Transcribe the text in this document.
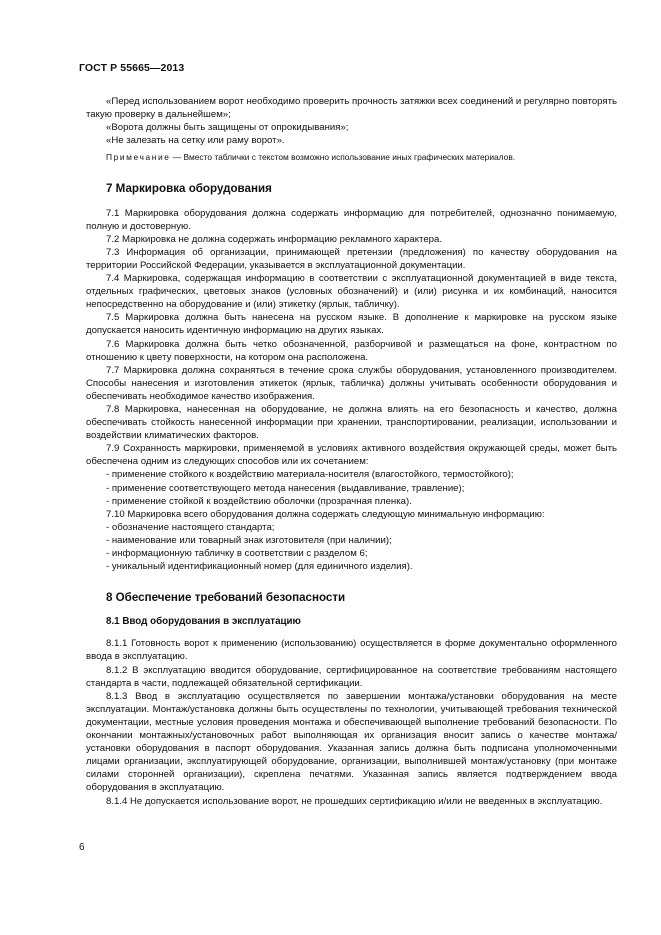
ГОСТ Р 55665—2013

«Перед использованием ворот необходимо проверить прочность затяжки всех соединений и регулярно повторять такую проверку в дальнейшем»;

«Ворота должны быть защищены от опрокидывания»;

«Не залезать на сетку или раму ворот».

Примечание — Вместо таблички с текстом возможно использование иных графических материалов.

7 Маркировка оборудования

7.1 Маркировка оборудования должна содержать информацию для потребителей, однозначно понимаемую, полную и достоверную.

7.2 Маркировка не должна содержать информацию рекламного характера.

7.3 Информация об организации, принимающей претензии (предложения) по качеству оборудования на территории Российской Федерации, указывается в эксплуатационной документации.

7.4 Маркировка, содержащая информацию в соответствии с эксплуатационной документацией в виде текста, отдельных графических, цветовых знаков (условных обозначений) и (или) рисунка и их комбинаций, наносится непосредственно на оборудование и (или) этикетку (ярлык, табличку).

7.5 Маркировка должна быть нанесена на русском языке. В дополнение к маркировке на русском языке допускается наносить идентичную информацию на других языках.

7.6 Маркировка должна быть четко обозначенной, разборчивой и размещаться на фоне, контрастном по отношению к цвету поверхности, на котором она расположена.

7.7 Маркировка должна сохраняться в течение срока службы оборудования, установленного производителем. Способы нанесения и изготовления этикеток (ярлык, табличка) должны учитывать особенности оборудования и обеспечивать необходимое качество изображения.

7.8 Маркировка, нанесенная на оборудование, не должна влиять на его безопасность и качество, должна обеспечивать стойкость нанесенной информации при хранении, транспортировании, реализации, использовании и воздействии климатических факторов.

7.9 Сохранность маркировки, применяемой в условиях активного воздействия окружающей среды, может быть обеспечена одним из следующих способов или их сочетанием:

- применение стойкого к воздействию материала-носителя (влагостойкого, термостойкого);

- применение соответствующего метода нанесения (выдавливание, травление);

- применение стойкой к воздействию оболочки (прозрачная пленка).

7.10 Маркировка всего оборудования должна содержать следующую минимальную информацию:

- обозначение настоящего стандарта;

- наименование или товарный знак изготовителя (при наличии);

- информационную табличку в соответствии с разделом 6;

- уникальный идентификационный номер (для единичного изделия).

8 Обеспечение требований безопасности
8.1 Ввод оборудования в эксплуатацию

8.1.1 Готовность ворот к применению (использованию) осуществляется в форме документально оформленного ввода в эксплуатацию.

8.1.2 В эксплуатацию вводится оборудование, сертифицированное на соответствие требованиям настоящего стандарта в части, подлежащей обязательной сертификации.

8.1.3 Ввод в эксплуатацию осуществляется по завершении монтажа/установки оборудования на месте эксплуатации. Монтаж/установка должны быть осуществлены по технологии, учитывающей требования технической документации, местные условия проведения монтажа и обеспечивающей выполнение требований безопасности. По окончании монтажных/установочных работ выполняющая их организация вносит запись о качестве монтажа/установки оборудования в паспорт оборудования. Указанная запись должна быть подписана уполномоченными лицами организации, эксплуатирующей оборудование, организации, выполнившей монтаж/установку (при монтаже силами сторонней организации), скреплена печатями. Указанная запись является подтверждением ввода оборудования в эксплуатацию.

8.1.4 Не допускается использование ворот, не прошедших сертификацию и/или не введенных в эксплуатацию.

6
